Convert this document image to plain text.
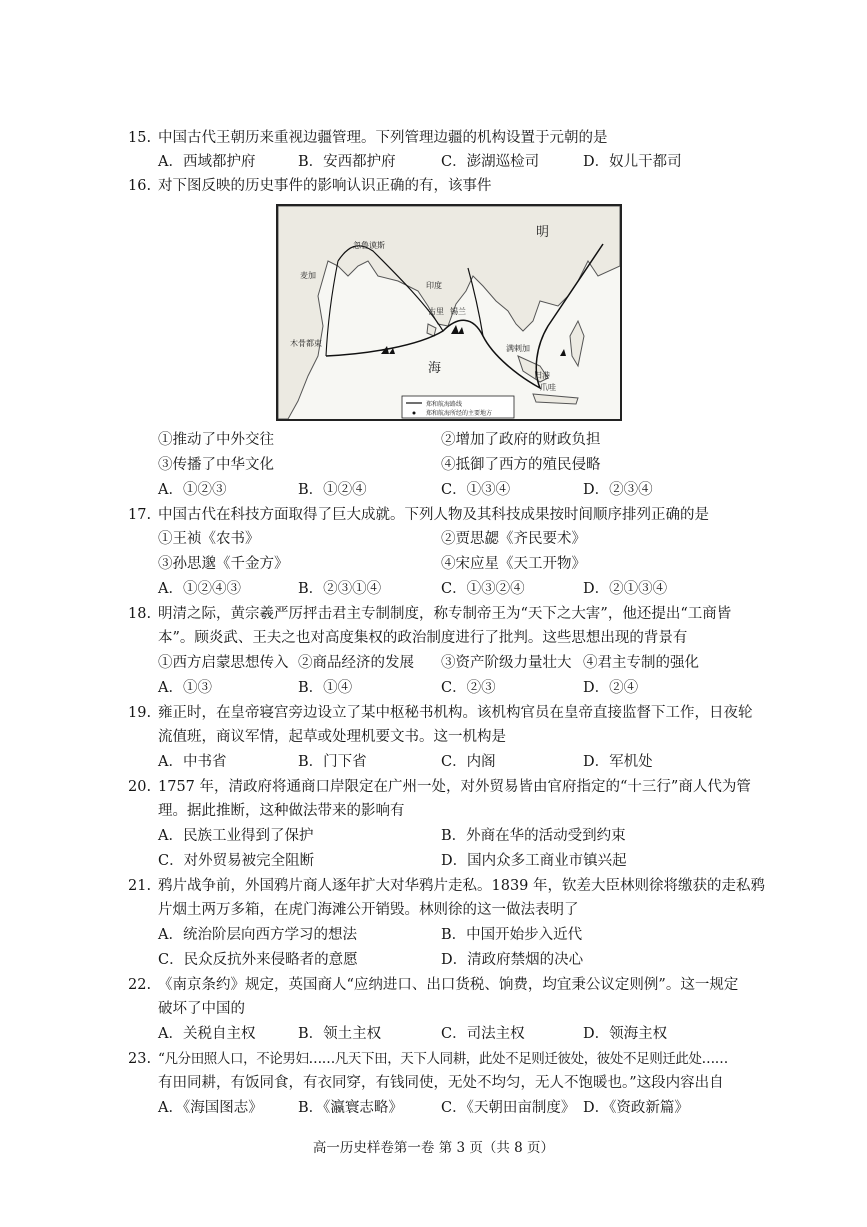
15. 中国古代王朝历来重视边疆管理。下列管理边疆的机构设置于元朝的是
A．西域都护府	B．安西都护府	C．澎湖巡检司	D．奴儿干都司
16. 对下图反映的历史事件的影响认识正确的有，该事件
明
印度
古里 锡兰
麦加
忽鲁谟斯
木骨都束
满剌加
旧港
爪哇
海
郑和航海路线
郑和航海所经的主要地方
①推动了中外交往	②增加了政府的财政负担
③传播了中华文化	④抵御了西方的殖民侵略
A．①②③	B．①②④	C．①③④	D．②③④
17. 中国古代在科技方面取得了巨大成就。下列人物及其科技成果按时间顺序排列正确的是
①王祯《农书》	②贾思勰《齐民要术》
③孙思邈《千金方》	④宋应星《天工开物》
A．①②④③	B．②③①④	C．①③②④	D．②①③④
18. 明清之际，黄宗羲严厉抨击君主专制制度，称专制帝王为“天下之大害”，他还提出“工商皆
本”。顾炎武、王夫之也对高度集权的政治制度进行了批判。这些思想出现的背景有
①西方启蒙思想传入 ②商品经济的发展 ③资产阶级力量壮大 ④君主专制的强化
A．①③	B．①④	C．②③	D．②④
19. 雍正时，在皇帝寝宫旁边设立了某中枢秘书机构。该机构官员在皇帝直接监督下工作，日夜轮
流值班，商议军情，起草或处理机要文书。这一机构是
A．中书省	B．门下省	C．内阁	D．军机处
20. 1757 年，清政府将通商口岸限定在广州一处，对外贸易皆由官府指定的“十三行”商人代为管
理。据此推断，这种做法带来的影响有
A．民族工业得到了保护	B．外商在华的活动受到约束
C．对外贸易被完全阻断	D．国内众多工商业市镇兴起
21. 鸦片战争前，外国鸦片商人逐年扩大对华鸦片走私。1839 年，钦差大臣林则徐将缴获的走私鸦
片烟土两万多箱，在虎门海滩公开销毁。林则徐的这一做法表明了
A．统治阶层向西方学习的想法	B．中国开始步入近代
C．民众反抗外来侵略者的意愿	D．清政府禁烟的决心
22. 《南京条约》规定，英国商人“应纳进口、出口货税、饷费，均宜秉公议定则例”。这一规定
破坏了中国的
A．关税自主权	B．领土主权	C．司法主权	D．领海主权
23. “凡分田照人口，不论男妇……凡天下田，天下人同耕，此处不足则迁彼处，彼处不足则迁此处……
有田同耕，有饭同食，有衣同穿，有钱同使，无处不均匀，无人不饱暖也。”这段内容出自
A．《海国图志》 B．《瀛寰志略》	C．《天朝田亩制度》 D．《资政新篇》
高一历史样卷第一卷 第 3 页（共 8 页）
